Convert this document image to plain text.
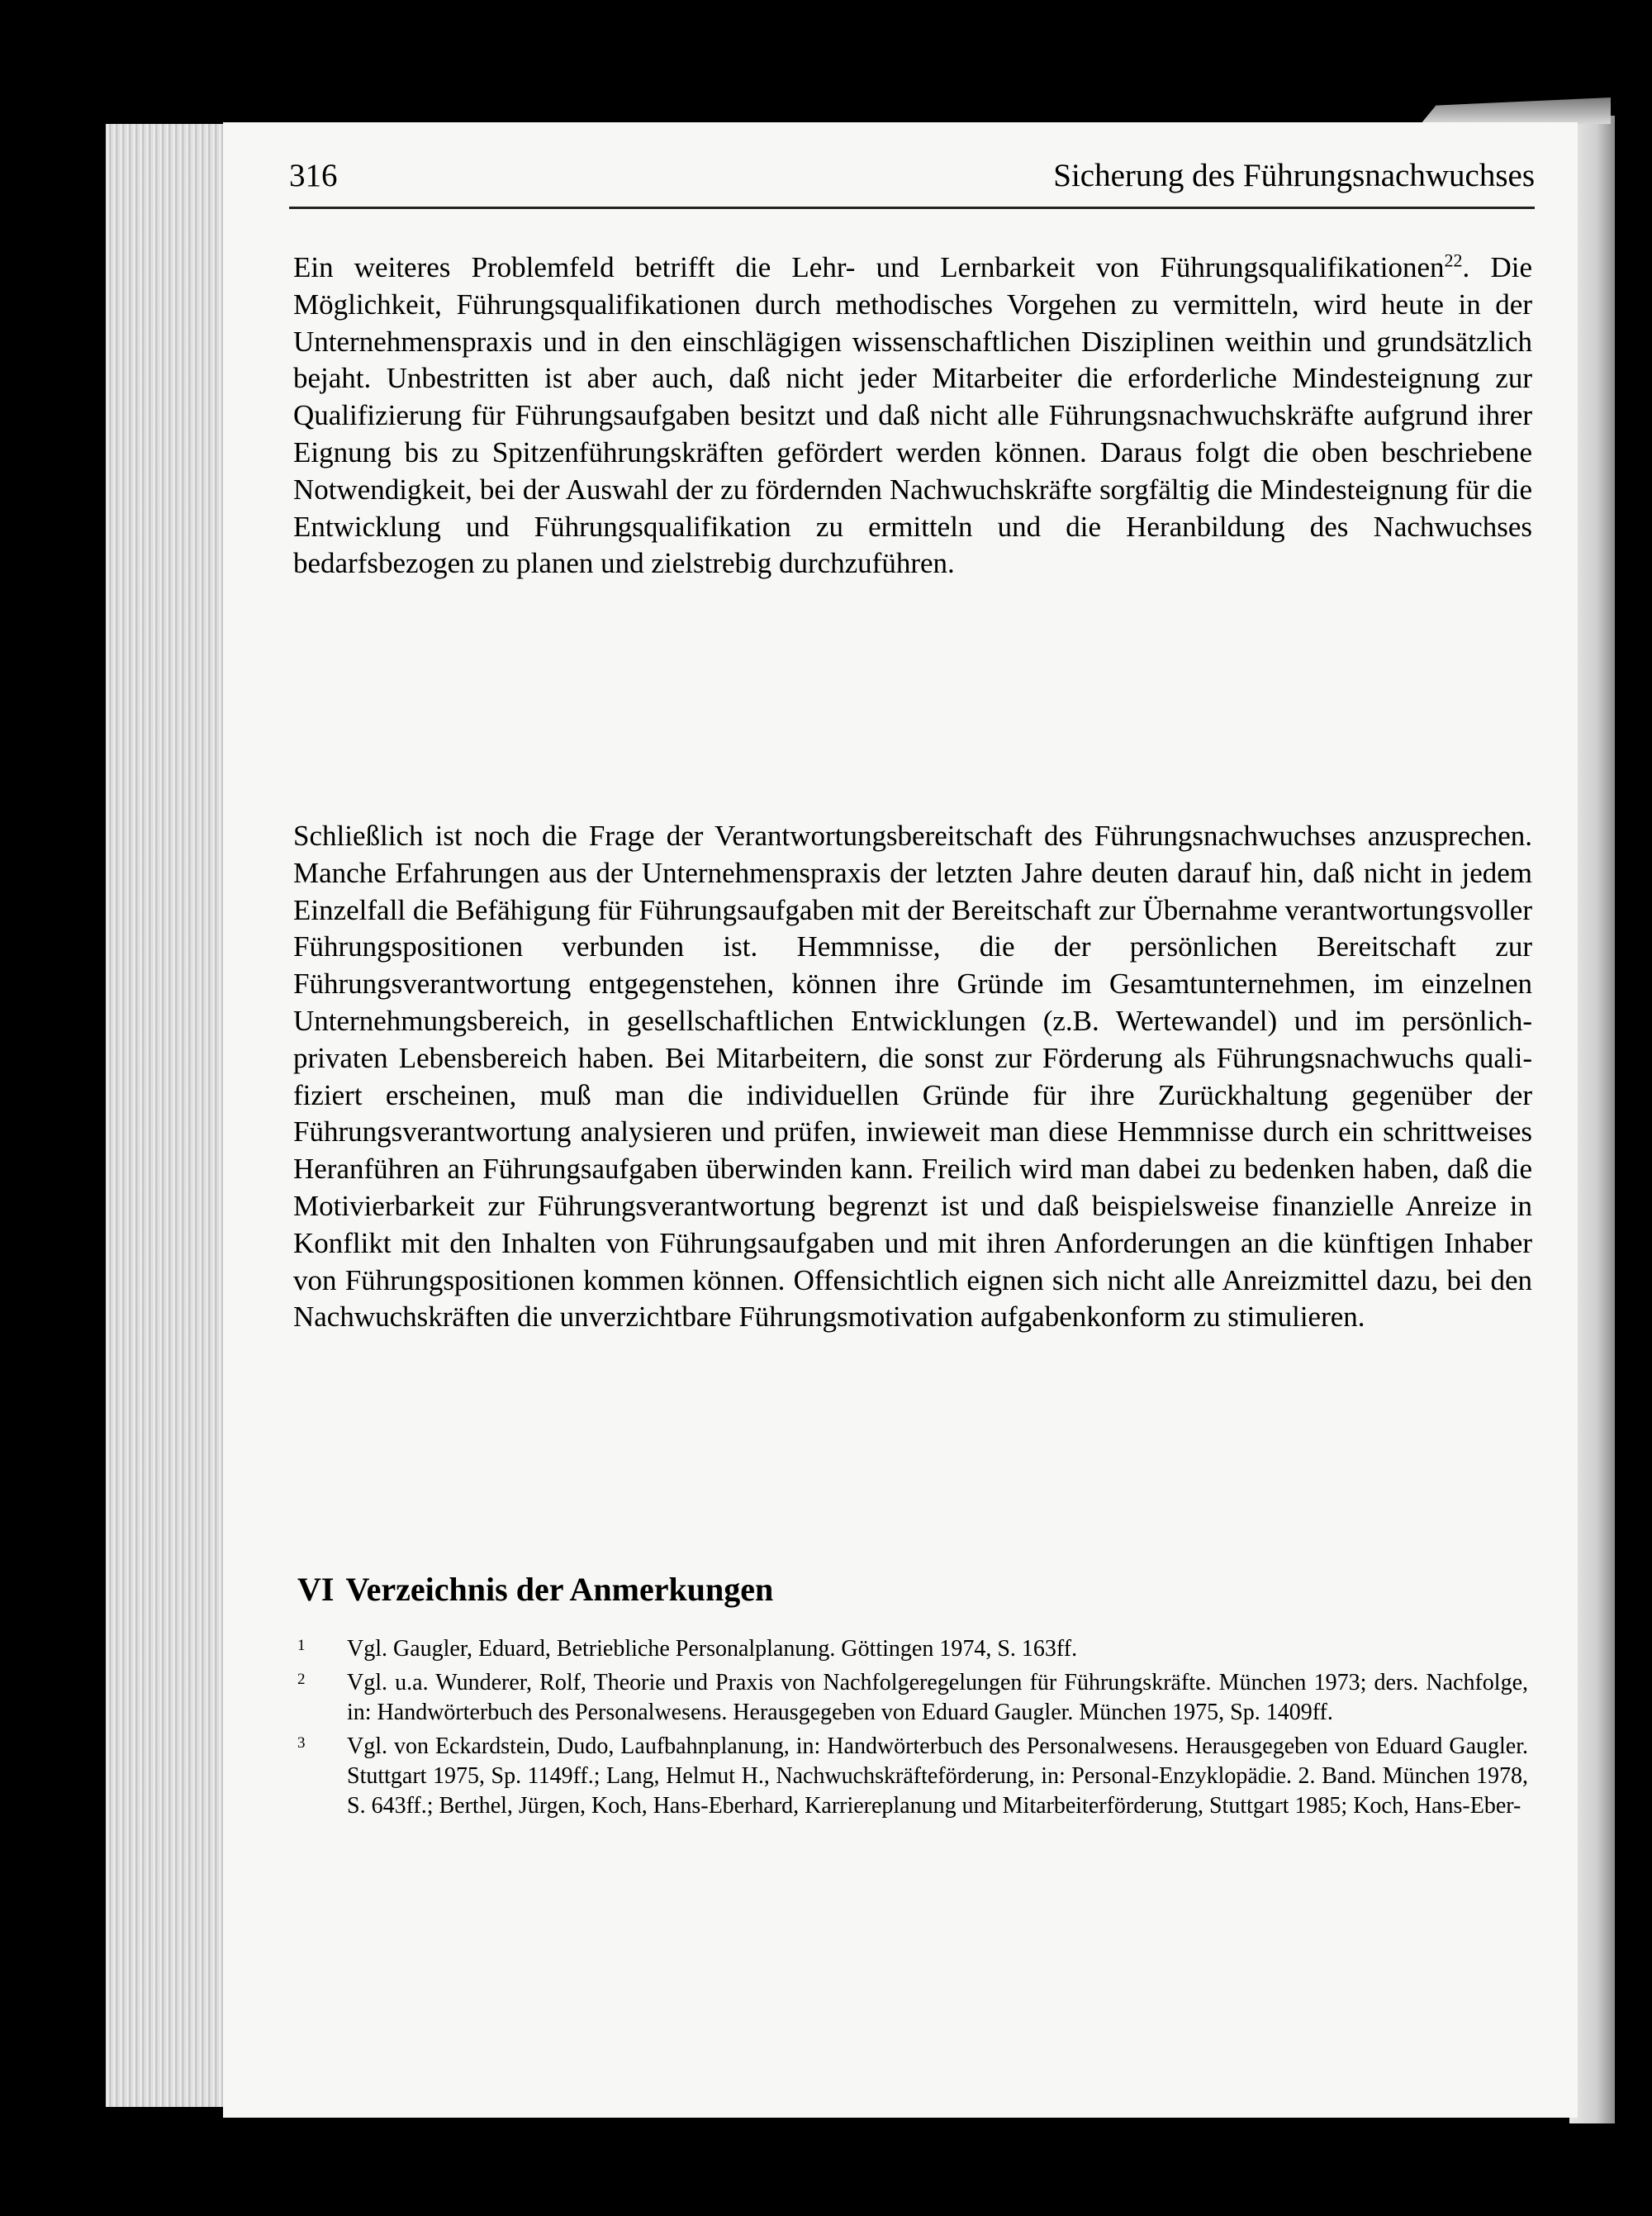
316	Sicherung des Führungsnachwuchses

Ein weiteres Problemfeld betrifft die Lehr- und Lernbarkeit von Führungsqualifikationen$^{22}$. Die Möglichkeit, Führungsqualifikationen durch methodisches Vorgehen zu vermitteln, wird heute in der Unternehmenspraxis und in den einschlägigen wissenschaftlichen Disziplinen weithin und grundsätzlich bejaht. Unbestritten ist aber auch, daß nicht jeder Mitarbeiter die erforderliche Mindesteignung zur Qualifizierung für Führungsaufgaben besitzt und daß nicht alle Führungsnachwuchskräfte aufgrund ihrer Eignung bis zu Spitzenführungskräften gefördert werden können. Daraus folgt die oben beschriebene Notwendigkeit, bei der Auswahl der zu fördernden Nachwuchskräfte sorgfältig die Mindesteignung für die Entwicklung und Führungsqualifikation zu ermitteln und die Heranbildung des Nachwuchses bedarfsbezogen zu planen und zielstrebig durchzuführen.

Schließlich ist noch die Frage der Verantwortungsbereitschaft des Führungsnachwuchses anzusprechen. Manche Erfahrungen aus der Unternehmenspraxis der letzten Jahre deuten darauf hin, daß nicht in jedem Einzelfall die Befähigung für Führungsaufgaben mit der Bereitschaft zur Übernahme verantwortungsvoller Führungspositionen verbunden ist. Hemmnisse, die der persönlichen Bereitschaft zur Führungsverantwortung entgegenstehen, können ihre Gründe im Gesamtunternehmen, im einzelnen Unternehmungsbereich, in gesellschaftlichen Entwicklungen (z.B. Wertewandel) und im persönlich-privaten Lebensbereich haben. Bei Mitarbeitern, die sonst zur Förderung als Führungsnachwuchs qualifiziert erscheinen, muß man die individuellen Gründe für ihre Zurückhaltung gegenüber der Führungsverantwortung analysieren und prüfen, inwieweit man diese Hemmnisse durch ein schrittweises Heranführen an Führungsaufgaben überwinden kann. Freilich wird man dabei zu bedenken haben, daß die Motivierbarkeit zur Führungsverantwortung begrenzt ist und daß beispielsweise finanzielle Anreize in Konflikt mit den Inhalten von Führungsaufgaben und mit ihren Anforderungen an die künftigen Inhaber von Führungspositionen kommen können. Offensichtlich eignen sich nicht alle Anreizmittel dazu, bei den Nachwuchskräften die unverzichtbare Führungsmotivation aufgabenkonform zu stimulieren.

VI Verzeichnis der Anmerkungen
1 Vgl. Gaugler, Eduard, Betriebliche Personalplanung. Göttingen 1974, S. 163ff.
2 Vgl. u.a. Wunderer, Rolf, Theorie und Praxis von Nachfolgeregelungen für Führungskräfte. München 1973; ders. Nachfolge, in: Handwörterbuch des Personalwesens. Herausgegeben von Eduard Gaugler. München 1975, Sp. 1409ff.
3 Vgl. von Eckardstein, Dudo, Laufbahnplanung, in: Handwörterbuch des Personalwesens. Herausgegeben von Eduard Gaugler. Stuttgart 1975, Sp. 1149ff.; Lang, Helmut H., Nachwuchskräfteförderung, in: Personal-Enzyklopädie. 2. Band. München 1978, S. 643ff.; Berthel, Jürgen, Koch, Hans-Eberhard, Karriereplanung und Mitarbeiterförderung, Stuttgart 1985; Koch, Hans-Eber-
